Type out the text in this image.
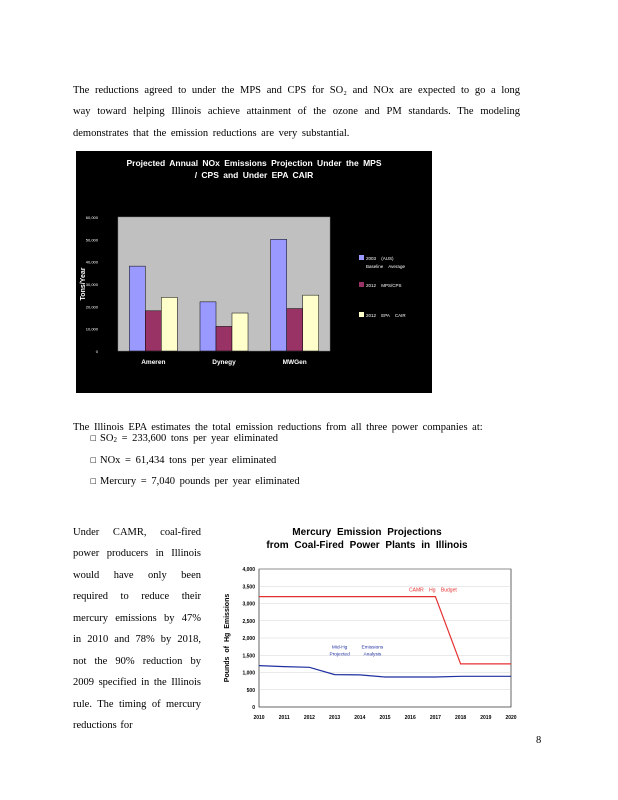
The reductions agreed to under the MPS and CPS for SO₂ and NOx are expected to go a long way toward helping Illinois achieve attainment of the ozone and PM standards. The modeling demonstrates that the emission reductions are very substantial.

Projected Annual NOx Emissions Projection Under the MPS
/ CPS and Under EPA CAIR
0
10,000
20,000
30,000
40,000
50,000
60,000
Tons/Year
Ameren	Dynegy	MWGen
2003 (AUS)
Baseline Average
2012 MPS/CPS
2012 EPA CAIR

The Illinois EPA estimates the total emission reductions from all three power companies at:

□ $SO_2 = 233,600$ tons per year eliminated
□ NOx = 61,434 tons per year eliminated
□ Mercury = 7,040 pounds per year eliminated

Under CAMR, coal-fired power producers in Illinois would have only been required to reduce their mercury emissions by 47% in 2010 and 78% by 2018, not the 90% reduction by 2009 specified in the Illinois rule. The timing of mercury reductions for

Mercury Emission Projections
from Coal-Fired Power Plants in Illinois
0
500
1,000
1,500
2,000
2,500
3,000
3,500
4,000
2010	2011	2012	2013	2014	2015	2016	2017	2018	2019	2020
Pounds of Hg Emissions
CAMR Hg Budget
Mid-Hg
Projected
Emissions
Analysis
8
